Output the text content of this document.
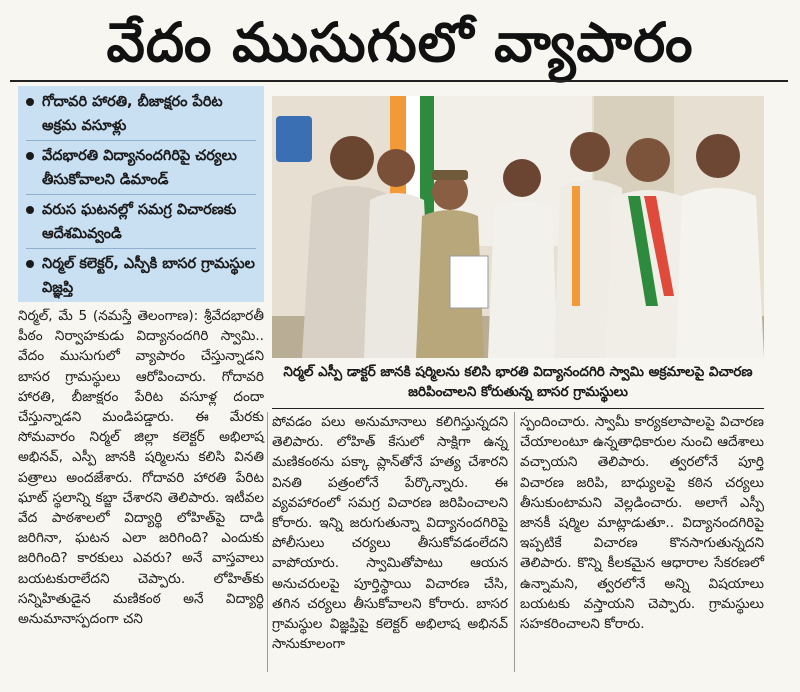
వేదం ముసుగులో వ్యాపారం
గోదావరి హారతి, బీజాక్షరం పేరిట అక్రమ వసూళ్లు
వేదభారతి విద్యానందగిరిపై చర్యలు తీసుకోవాలని డిమాండ్
వరుస ఘటనల్లో సమగ్ర విచారణకు ఆదేశమివ్వండి
నిర్మల్ కలెక్టర్, ఎస్పీకి బాసర గ్రామస్థుల విజ్ఞప్తి
నిర్మల్ ఎస్పీ డాక్టర్ జానకి షర్మిలను కలిసి భారతి విద్యానందగిరి స్వామి అక్రమాలపై విచారణ జరిపించాలని కోరుతున్న బాసర గ్రామస్థులు
నిర్మల్, మే 5 (నమస్తే తెలంగాణ): శ్రీవేదభారతీ పీఠం నిర్వాహకుడు విద్యానందగిరి స్వామి.. వేదం ముసుగులో వ్యాపారం చేస్తున్నాడని బాసర గ్రామస్థులు ఆరోపించారు. గోదావరి హారతి, బీజాక్షరం పేరిట వసూళ్ల దందా చేస్తున్నాడని మండిపడ్డారు. ఈ మేరకు సోమవారం నిర్మల్ జిల్లా కలెక్టర్ అభిలాష అభినవ్, ఎస్పీ జానకి షర్మిలను కలిసి వినతి పత్రాలు అందజేశారు. గోదావరి హారతి పేరిట ఘాట్ స్థలాన్ని కబ్జా చేశారని తెలిపారు. ఇటీవల వేద పాఠశాలలో విద్యార్థి లోహిత్‌పై దాడి జరిగినా, ఘటన ఎలా జరిగింది? ఎందుకు జరిగింది? కారకులు ఎవరు? అనే వాస్తవాలు బయటకురాలేదని చెప్పారు. లోహిత్‌కు సన్నిహితుడైన మణికంఠ అనే విద్యార్థి అనుమానాస్పదంగా చని
పోవడం పలు అనుమానాలు కలిగిస్తున్నదని తెలిపారు. లోహిత్ కేసులో సాక్షిగా ఉన్న మణికంఠను పక్కా ప్లాన్‌తోనే హత్య చేశారని వినతి పత్రంలోనే పేర్కొన్నారు. ఈ వ్యవహారంలో సమగ్ర విచారణ జరిపించాలని కోరారు. ఇన్ని జరుగుతున్నా విద్యానందగిరిపై పోలీసులు చర్యలు తీసుకోవడంలేదని వాపోయారు. స్వామితోపాటు ఆయన అనుచరులపై పూర్తిస్థాయి విచారణ చేసి, తగిన చర్యలు తీసుకోవాలని కోరారు. బాసర గ్రామస్థుల విజ్ఞప్తిపై కలెక్టర్ అభిలాష అభినవ్ సానుకూలంగా
స్పందించారు. స్వామీ కార్యకలాపాలపై విచారణ చేయాలంటూ ఉన్నతాధికారుల నుంచి ఆదేశాలు వచ్చాయని తెలిపారు. త్వరలోనే పూర్తి విచారణ జరిపి, బాధ్యులపై కఠిన చర్యలు తీసుకుంటామని వెల్లడించారు. అలాగే ఎస్పీ జానకీ షర్మిల మాట్లాడుతూ.. విద్యానందగిరిపై ఇప్పటికే విచారణ కొనసాగుతున్నదని తెలిపారు. కొన్ని కీలకమైన ఆధారాల సేకరణలో ఉన్నామని, త్వరలోనే అన్ని విషయాలు బయటకు వస్తాయని చెప్పారు. గ్రామస్థులు సహకరించాలని కోరారు.
